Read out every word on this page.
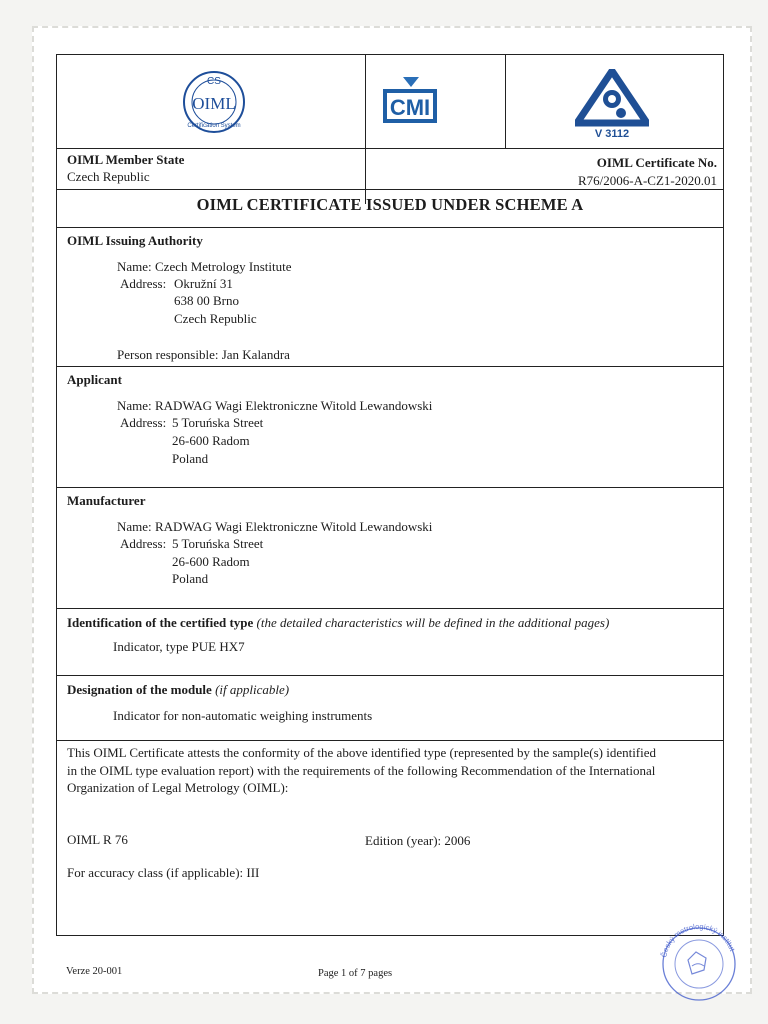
CS
OIML
Certification System
CMI
V 3112
OIML Member State
Czech Republic
OIML Certificate No.
R76/2006-A-CZ1-2020.01
OIML CERTIFICATE ISSUED UNDER SCHEME A
OIML Issuing Authority
Name: Czech Metrology Institute
Address: Okružní 31
638 00 Brno
Czech Republic
Person responsible: Jan Kalandra
Applicant
Name: RADWAG Wagi Elektroniczne Witold Lewandowski
Address: 5 Toruńska Street
26-600 Radom
Poland
Manufacturer
Name: RADWAG Wagi Elektroniczne Witold Lewandowski
Address: 5 Toruńska Street
26-600 Radom
Poland
Identification of the certified type (the detailed characteristics will be defined in the additional pages)
Indicator, type PUE HX7
Designation of the module (if applicable)
Indicator for non-automatic weighing instruments
This OIML Certificate attests the conformity of the above identified type (represented by the sample(s) identified
in the OIML type evaluation report) with the requirements of the following Recommendation of the International
Organization of Legal Metrology (OIML):
OIML R 76	Edition (year): 2006
For accuracy class (if applicable): III
Verze 20-001	Page 1 of 7 pages
Český metrologický institut
